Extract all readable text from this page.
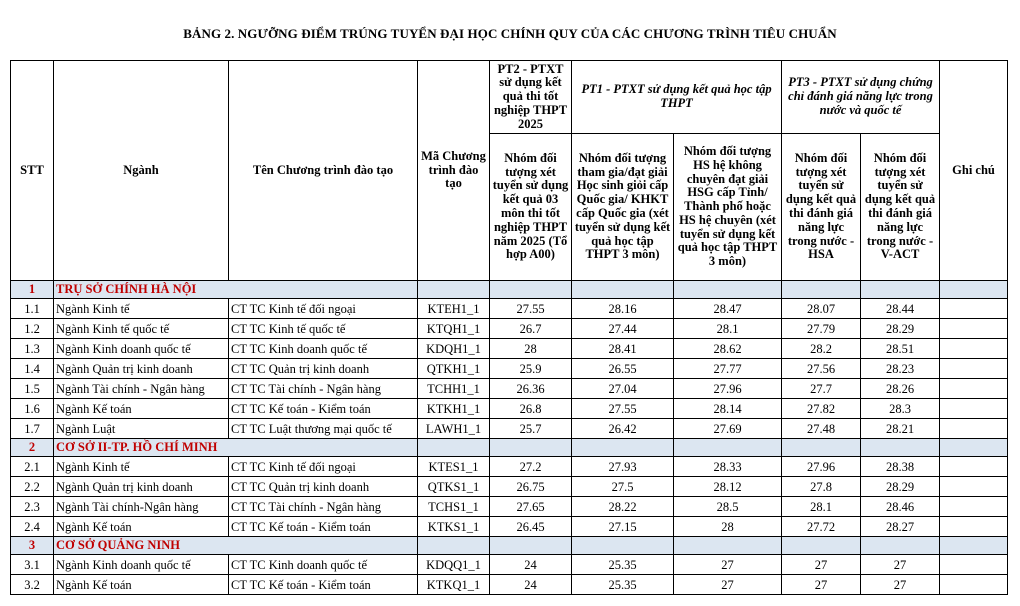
BẢNG 2. NGƯỠNG ĐIỂM TRÚNG TUYỂN ĐẠI HỌC CHÍNH QUY CỦA CÁC CHƯƠNG TRÌNH TIÊU CHUẨN
STT	Ngành	Tên Chương trình đào tạo	Mã Chương trình đào tạo	PT2 - PTXT sử dụng kết quả thi tốt nghiệp THPT 2025	PT1 - PTXT sử dụng kết quả học tập THPT		PT3 - PTXT sử dụng chứng chỉ đánh giá năng lực trong nước và quốc tế		Ghi chú
				Nhóm đối tượng xét tuyển sử dụng kết quả 03 môn thi tốt nghiệp THPT năm 2025 (Tổ hợp A00)	Nhóm đối tượng tham gia/đạt giải Học sinh giỏi cấp Quốc gia/ KHKT cấp Quốc gia (xét tuyển sử dụng kết quả học tập THPT 3 môn)	Nhóm đối tượng HS hệ không chuyên đạt giải HSG cấp Tỉnh/ Thành phố hoặc HS hệ chuyên (xét tuyển sử dụng kết quả học tập THPT 3 môn)	Nhóm đối tượng xét tuyển sử dụng kết quả thi đánh giá năng lực trong nước - HSA	Nhóm đối tượng xét tuyển sử dụng kết quả thi đánh giá năng lực trong nước - V-ACT	
1	TRỤ SỞ CHÍNH HÀ NỘI								
1.1	Ngành Kinh tế	CT TC Kinh tế đối ngoại	KTEH1_1	27.55	28.16	28.47	28.07	28.44	
1.2	Ngành Kinh tế quốc tế	CT TC Kinh tế quốc tế	KTQH1_1	26.7	27.44	28.1	27.79	28.29	
1.3	Ngành Kinh doanh quốc tế	CT TC Kinh doanh quốc tế	KDQH1_1	28	28.41	28.62	28.2	28.51	
1.4	Ngành Quản trị kinh doanh	CT TC Quản trị kinh doanh	QTKH1_1	25.9	26.55	27.77	27.56	28.23	
1.5	Ngành Tài chính - Ngân hàng	CT TC Tài chính - Ngân hàng	TCHH1_1	26.36	27.04	27.96	27.7	28.26	
1.6	Ngành Kế toán	CT TC Kế toán - Kiểm toán	KTKH1_1	26.8	27.55	28.14	27.82	28.3	
1.7	Ngành Luật	CT TC Luật thương mại quốc tế	LAWH1_1	25.7	26.42	27.69	27.48	28.21	
2	CƠ SỞ II-TP. HỒ CHÍ MINH								
2.1	Ngành Kinh tế	CT TC Kinh tế đối ngoại	KTES1_1	27.2	27.93	28.33	27.96	28.38	
2.2	Ngành Quản trị kinh doanh	CT TC Quản trị kinh doanh	QTKS1_1	26.75	27.5	28.12	27.8	28.29	
2.3	Ngành Tài chính-Ngân hàng	CT TC Tài chính - Ngân hàng	TCHS1_1	27.65	28.22	28.5	28.1	28.46	
2.4	Ngành Kế toán	CT TC Kế toán - Kiểm toán	KTKS1_1	26.45	27.15	28	27.72	28.27	
3	CƠ SỞ QUẢNG NINH								
3.1	Ngành Kinh doanh quốc tế	CT TC Kinh doanh quốc tế	KDQQ1_1	24	25.35	27	27	27	
3.2	Ngành Kế toán	CT TC Kế toán - Kiểm toán	KTKQ1_1	24	25.35	27	27	27	
